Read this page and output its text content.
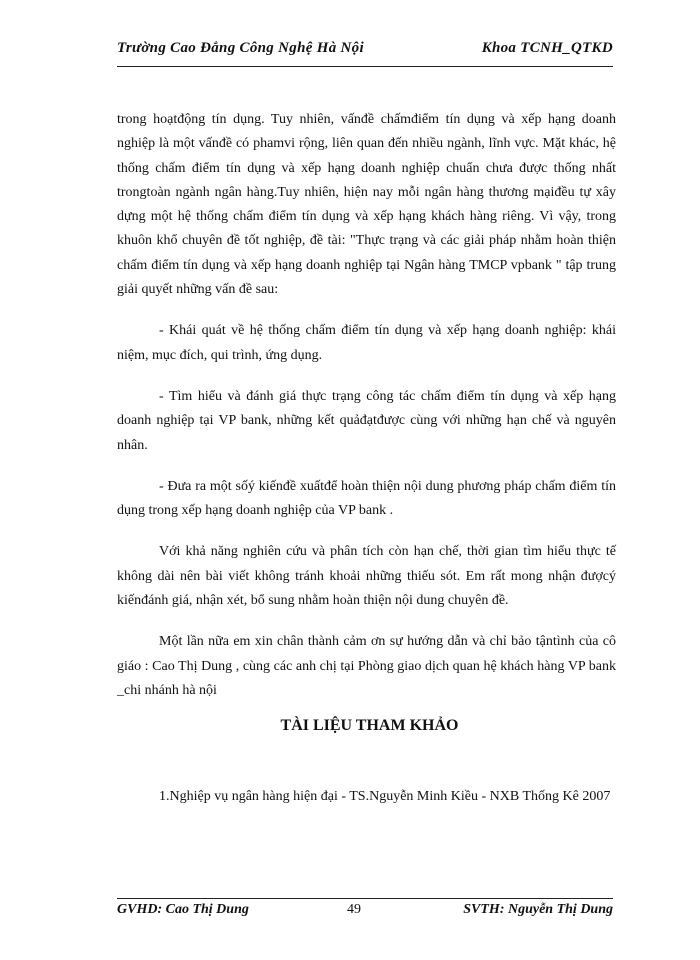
Trường Cao Đẳng Công Nghệ Hà Nội	Khoa TCNH_QTKD

trong hoạtđộng tín dụng. Tuy nhiên, vấnđề chấmđiểm tín dụng và xếp hạng doanh nghiệp là một vấnđề có phamvi rộng, liên quan đến nhiều ngành, lĩnh vực. Mặt khác, hệ thống chấm điểm tín dụng và xếp hạng doanh nghiệp chuẩn chưa được thống nhất trongtoàn ngành ngân hàng.Tuy nhiên, hiện nay mỗi ngân hàng thương mạiđều tự xây dựng một hệ thống chấm điểm tín dụng và xếp hạng khách hàng riêng. Vì vậy, trong khuôn khổ chuyên đề tốt nghiệp, đề tài: "Thực trạng và các giải pháp nhằm hoàn thiện chấm điểm tín dụng và xếp hạng doanh nghiệp tại Ngân hàng TMCP vpbank " tập trung giải quyết những vấn đề sau:

- Khái quát về hệ thống chấm điểm tín dụng và xếp hạng doanh nghiệp: khái niệm, mục đích, qui trình, ứng dụng.

- Tìm hiểu và đánh giá thực trạng công tác chấm điểm tín dụng và xếp hạng doanh nghiệp tại VP bank, những kết quảđạtđược cùng với những hạn chế và nguyên nhân.

- Đưa ra một sốý kiếnđề xuấtđể hoàn thiện nội dung phương pháp chấm điểm tín dụng trong xếp hạng doanh nghiệp của VP bank .

Với khả năng nghiên cứu và phân tích còn hạn chế, thời gian tìm hiểu thực tế không dài nên bài viết không tránh khoải những thiếu sót. Em rất mong nhận đượcý kiếnđánh giá, nhận xét, bổ sung nhằm hoàn thiện nội dung chuyên đề.

Một lần nữa em xin chân thành cảm ơn sự hướng dẫn và chỉ bảo tậntình của cô giáo : Cao Thị Dung , cùng các anh chị tại Phòng giao dịch quan hệ khách hàng VP bank _chi nhánh hà nội

TÀI LIỆU THAM KHẢO

1.Nghiệp vụ ngân hàng hiện đại - TS.Nguyễn Minh Kiều - NXB Thống Kê 2007

GVHD: Cao Thị Dung	49	SVTH: Nguyễn Thị Dung
